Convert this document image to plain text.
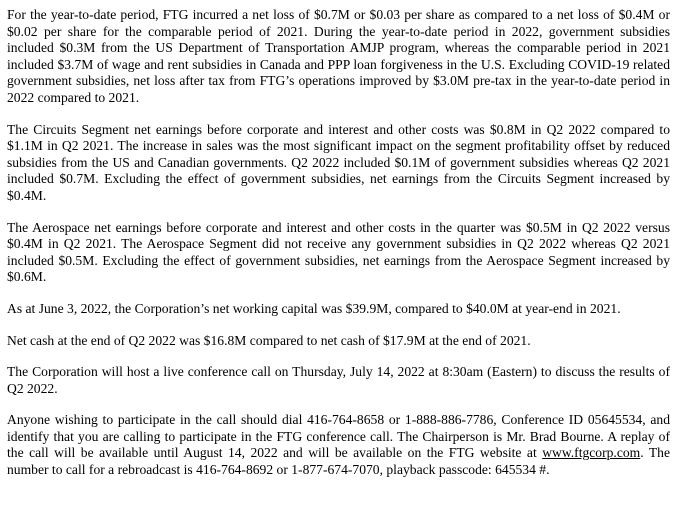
For the year-to-date period, FTG incurred a net loss of $0.7M or $0.03 per share as compared to a net loss of $0.4M or $0.02 per share for the comparable period of 2021. During the year-to-date period in 2022, government subsidies included $0.3M from the US Department of Transportation AMJP program, whereas the comparable period in 2021 included $3.7M of wage and rent subsidies in Canada and PPP loan forgiveness in the U.S. Excluding COVID-19 related government subsidies, net loss after tax from FTG’s operations improved by $3.0M pre-tax in the year-to-date period in 2022 compared to 2021.

The Circuits Segment net earnings before corporate and interest and other costs was $0.8M in Q2 2022 compared to $1.1M in Q2 2021. The increase in sales was the most significant impact on the segment profitability offset by reduced subsidies from the US and Canadian governments. Q2 2022 included $0.1M of government subsidies whereas Q2 2021 included $0.7M. Excluding the effect of government subsidies, net earnings from the Circuits Segment increased by $0.4M.

The Aerospace net earnings before corporate and interest and other costs in the quarter was $0.5M in Q2 2022 versus $0.4M in Q2 2021. The Aerospace Segment did not receive any government subsidies in Q2 2022 whereas Q2 2021 included $0.5M. Excluding the effect of government subsidies, net earnings from the Aerospace Segment increased by $0.6M.

As at June 3, 2022, the Corporation’s net working capital was $39.9M, compared to $40.0M at year-end in 2021.

Net cash at the end of Q2 2022 was $16.8M compared to net cash of $17.9M at the end of 2021.

The Corporation will host a live conference call on Thursday, July 14, 2022 at 8:30am (Eastern) to discuss the results of Q2 2022.

Anyone wishing to participate in the call should dial 416-764-8658 or 1-888-886-7786, Conference ID 05645534, and identify that you are calling to participate in the FTG conference call. The Chairperson is Mr. Brad Bourne. A replay of the call will be available until August 14, 2022 and will be available on the FTG website at www.ftgcorp.com. The number to call for a rebroadcast is 416-764-8692 or 1-877-674-7070, playback passcode: 645534 #.
